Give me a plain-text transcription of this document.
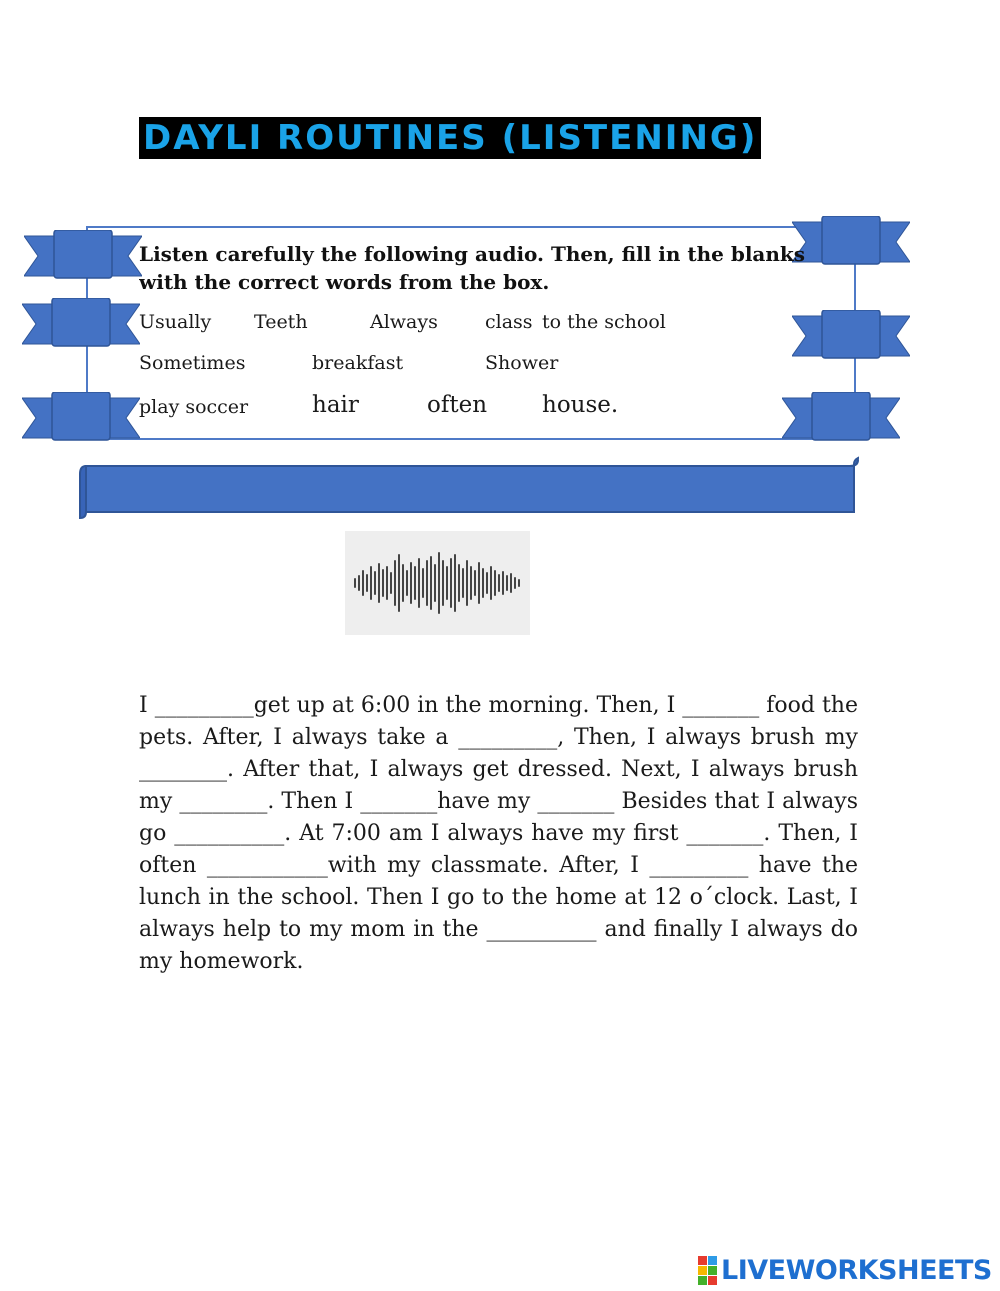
DAYLI ROUTINES (LISTENING)
Listen carefully the following audio. Then, fill in the blanks with the correct words from the box.
Usually Teeth	Always class to the school
Sometimes	breakfast	Shower
play soccer	hair	often house.
I _________get up at 6:00 in the morning. Then, I _______ food the pets. After, I always take a _________, Then, I always brush my ________. After that, I always get dressed. Next, I always brush my ________. Then I _______have my _______ Besides that I always go __________. At 7:00 am I always have my first _______. Then, I often ___________with my classmate. After, I _________ have the lunch in the school. Then I go to the home at 12 o´clock. Last, I always help to my mom in the __________ and finally I always do my homework.
LIVEWORKSHEETS
